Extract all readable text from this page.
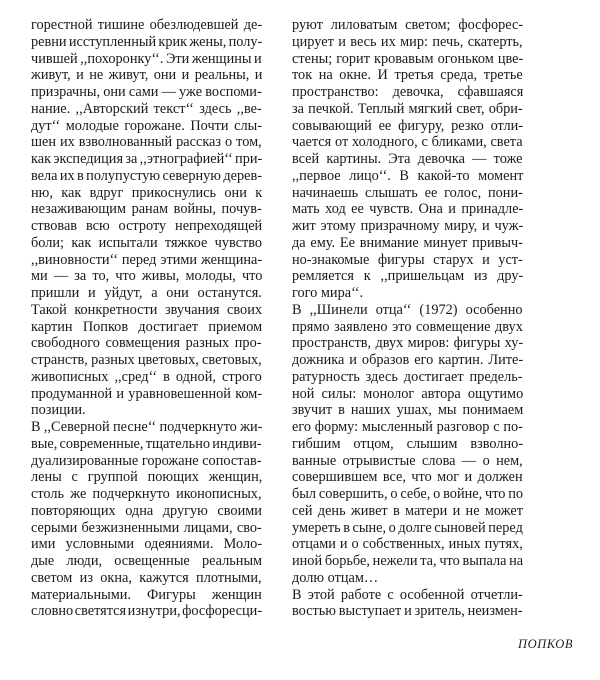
горестной тишине обезлюдевшей де-
ревни исступленный крик жены, полу-
чившей ,,похоронку‘‘. Эти женщины и
живут, и не живут, они и реальны, и
призрачны, они сами — уже воспоми-
нание. ,,Авторский текст‘‘ здесь ,,ве-
дут‘‘ молодые горожане. Почти слы-
шен их взволнованный рассказ о том,
как экспедиция за ,,этнографией‘‘ при-
вела их в полупустую северную дерев-
ню, как вдруг прикоснулись они к
незаживающим ранам войны, почув-
ствовав всю остроту непреходящей
боли; как испытали тяжкое чувство
,,виновности‘‘ перед этими женщина-
ми — за то, что живы, молоды, что
пришли и уйдут, а они останутся.
Такой конкретности звучания своих
картин Попков достигает приемом
свободного совмещения разных про-
странств, разных цветовых, световых,
живописных ,,сред‘‘ в одной, строго
продуманной и уравновешенной ком-
позиции.
В ,,Северной песне‘‘ подчеркнуто жи-
вые, современные, тщательно индиви-
дуализированные горожане сопостав-
лены с группой поющих женщин,
столь же подчеркнуто иконописных,
повторяющих одна другую своими
серыми безжизненными лицами, сво-
ими условными одеяниями. Моло-
дые люди, освещенные реальным
светом из окна, кажутся плотными,
материальными. Фигуры женщин
словно светятся изнутри, фосфоресци-
руют лиловатым светом; фосфорес-
цирует и весь их мир: печь, скатерть,
стены; горит кровавым огоньком цве-
ток на окне. И третья среда, третье
пространство: девочка, сфавшаяся
за печкой. Теплый мягкий свет, обри-
совывающий ее фигуру, резко отли-
чается от холодного, с бликами, света
всей картины. Эта девочка — тоже
,,первое лицо‘‘. В какой-то момент
начинаешь слышать ее голос, пони-
мать ход ее чувств. Она и принадле-
жит этому призрачному миру, и чуж-
да ему. Ее внимание минует привыч-
но-знакомые фигуры старух и уст-
ремляется к ,,пришельцам из дру-
гого мира‘‘.
В ,,Шинели отца‘‘ (1972) особенно
прямо заявлено это совмещение двух
пространств, двух миров: фигуры ху-
дожника и образов его картин. Лите-
ратурность здесь достигает предель-
ной силы: монолог автора ощутимо
звучит в наших ушах, мы понимаем
его форму: мысленный разговор с по-
гибшим отцом, слышим взволно-
ванные отрывистые слова — о нем,
совершившем все, что мог и должен
был совершить, о себе, о войне, что по
сей день живет в матери и не может
умереть в сыне, о долге сыновей перед
отцами и о собственных, иных путях,
иной борьбе, нежели та, что выпала на
долю отцам…
В этой работе с особенной отчетли-
востью выступает и зритель, неизмен-
ПОПКОВ
